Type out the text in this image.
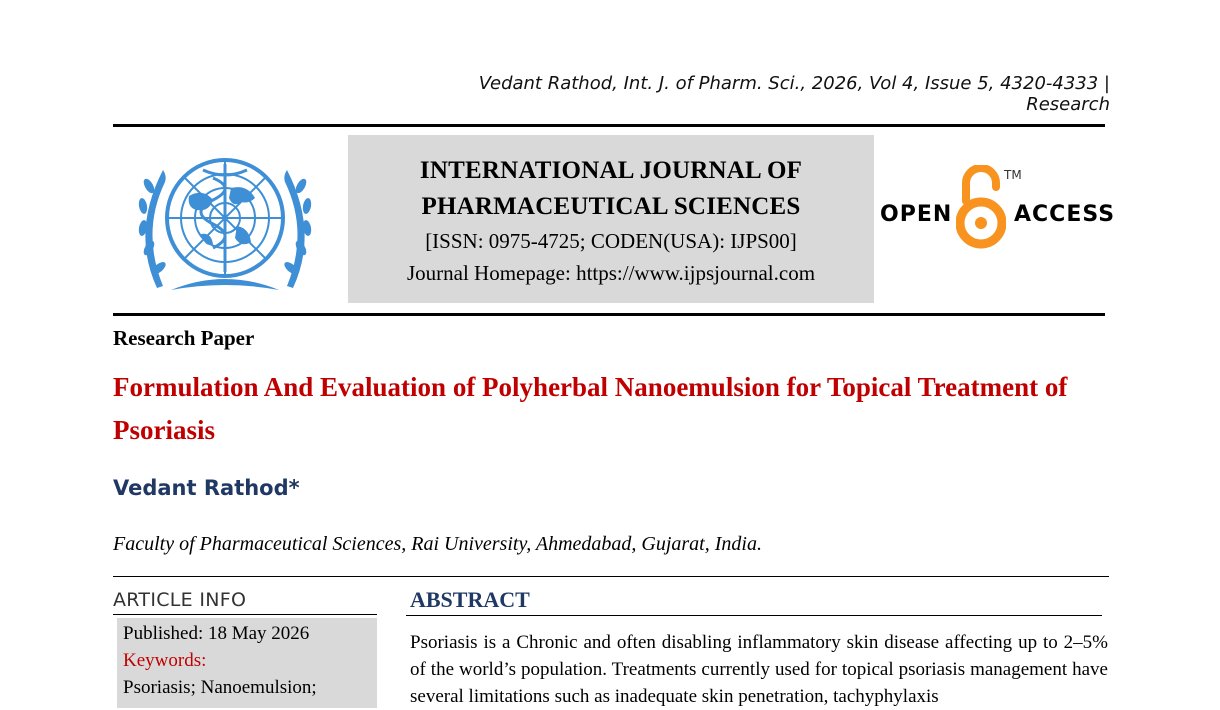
Vedant Rathod, Int. J. of Pharm. Sci., 2026, Vol 4, Issue 5, 4320-4333 | Research
INTERNATIONAL JOURNAL OF
PHARMACEUTICAL SCIENCES
[ISSN: 0975-4725; CODEN(USA): IJPS00]
Journal Homepage: https://www.ijpsjournal.com
OPEN
TM
ACCESS
Research Paper
Formulation And Evaluation of Polyherbal Nanoemulsion for Topical Treatment of Psoriasis
Vedant Rathod*
Faculty of Pharmaceutical Sciences, Rai University, Ahmedabad, Gujarat, India.
ARTICLE INFO
Published: 18 May 2026
Keywords:
Psoriasis; Nanoemulsion;
ABSTRACT
Psoriasis is a Chronic and often disabling inflammatory skin disease affecting up to 2–5% of the world’s population. Treatments currently used for topical psoriasis management have several limitations such as inadequate skin penetration, tachyphylaxis
